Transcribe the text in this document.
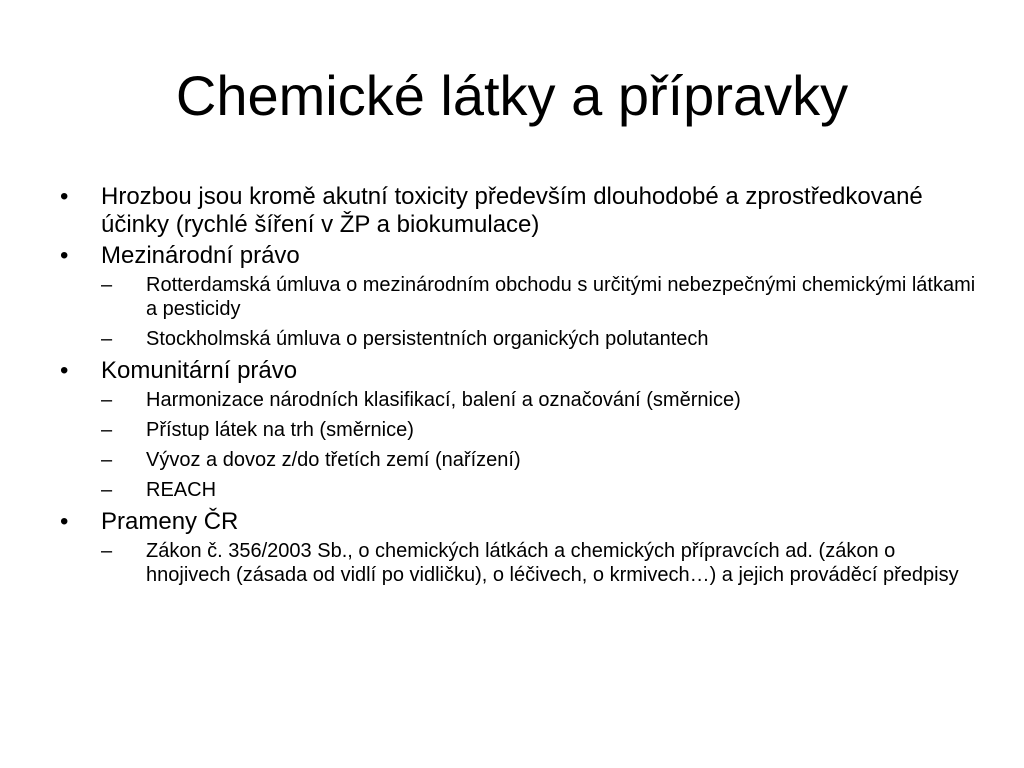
Chemické látky a přípravky
• Hrozbou jsou kromě akutní toxicity především dlouhodobé a zprostředkované účinky (rychlé šíření v ŽP a biokumulace)
• Mezinárodní právo
– Rotterdamská úmluva o mezinárodním obchodu s určitými nebezpečnými chemickými látkami a pesticidy
– Stockholmská úmluva o persistentních organických polutantech
• Komunitární právo
– Harmonizace národních klasifikací, balení a označování (směrnice)
– Přístup látek na trh (směrnice)
– Vývoz a dovoz z/do třetích zemí (nařízení)
– REACH
• Prameny ČR
– Zákon č. 356/2003 Sb., o chemických látkách a chemických přípravcích ad. (zákon o hnojivech (zásada od vidlí po vidličku), o léčivech, o krmivech…) a jejich prováděcí předpisy
